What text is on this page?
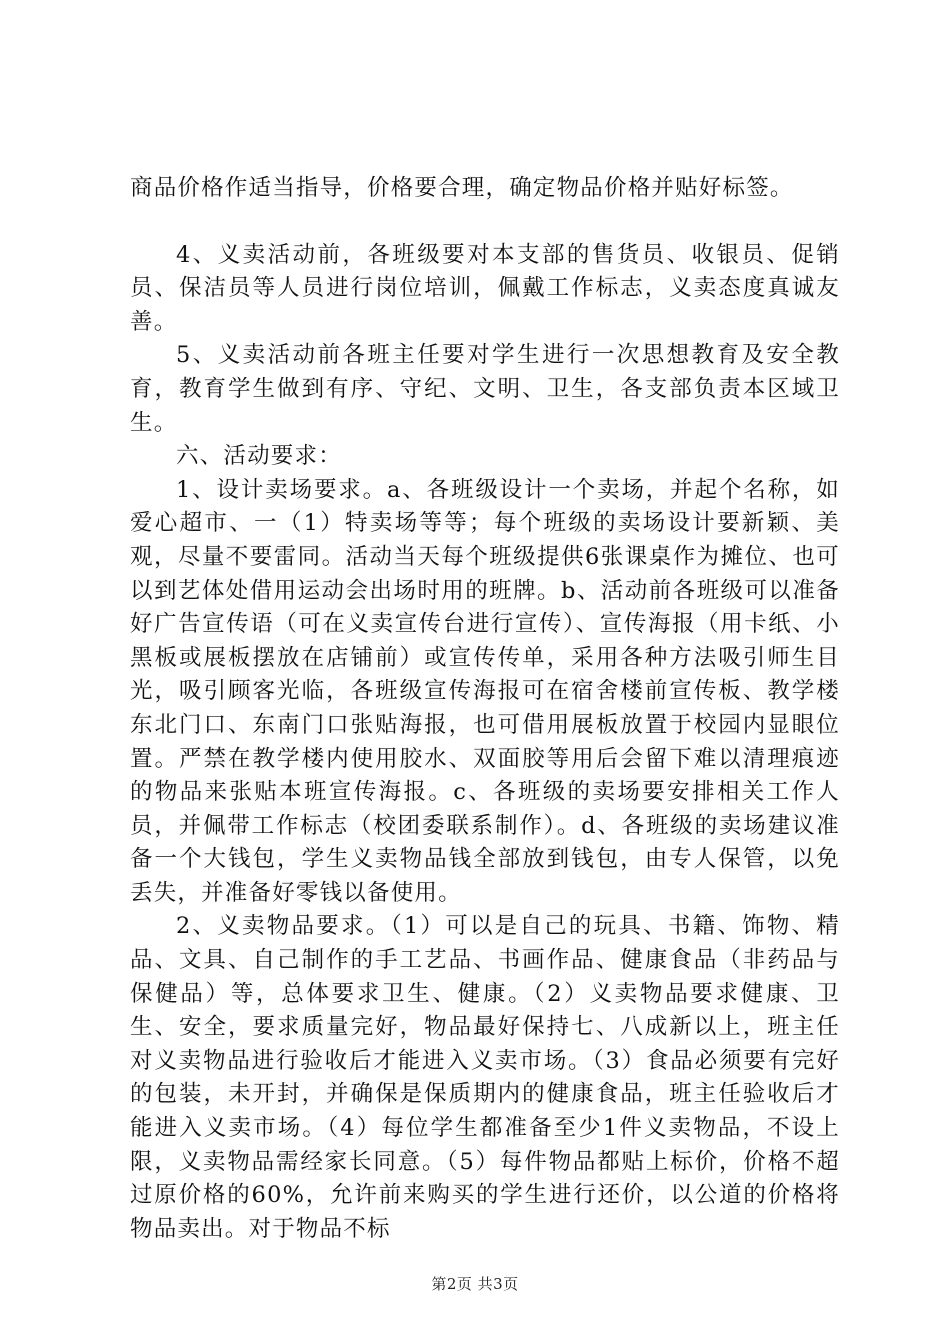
商品价格作适当指导，价格要合理，确定物品价格并贴好标签。

4、义卖活动前，各班级要对本支部的售货员、收银员、促销员、保洁员等人员进行岗位培训，佩戴工作标志，义卖态度真诚友善。

5、义卖活动前各班主任要对学生进行一次思想教育及安全教育，教育学生做到有序、守纪、文明、卫生，各支部负责本区域卫生。

六、活动要求：

1、设计卖场要求。a、各班级设计一个卖场，并起个名称，如爱心超市、一（1）特卖场等等；每个班级的卖场设计要新颖、美观，尽量不要雷同。活动当天每个班级提供6张课桌作为摊位、也可以到艺体处借用运动会出场时用的班牌。b、活动前各班级可以准备好广告宣传语（可在义卖宣传台进行宣传）、宣传海报（用卡纸、小黑板或展板摆放在店铺前）或宣传传单，采用各种方法吸引师生目光，吸引顾客光临，各班级宣传海报可在宿舍楼前宣传板、教学楼东北门口、东南门口张贴海报，也可借用展板放置于校园内显眼位置。严禁在教学楼内使用胶水、双面胶等用后会留下难以清理痕迹的物品来张贴本班宣传海报。c、各班级的卖场要安排相关工作人员，并佩带工作标志（校团委联系制作）。d、各班级的卖场建议准备一个大钱包，学生义卖物品钱全部放到钱包，由专人保管，以免丢失，并准备好零钱以备使用。

2、义卖物品要求。（1）可以是自己的玩具、书籍、饰物、精品、文具、自己制作的手工艺品、书画作品、健康食品（非药品与保健品）等，总体要求卫生、健康。（2）义卖物品要求健康、卫生、安全，要求质量完好，物品最好保持七、八成新以上，班主任对义卖物品进行验收后才能进入义卖市场。（3）食品必须要有完好的包装，未开封，并确保是保质期内的健康食品，班主任验收后才能进入义卖市场。（4）每位学生都准备至少1件义卖物品，不设上限，义卖物品需经家长同意。（5）每件物品都贴上标价，价格不超过原价格的60%，允许前来购买的学生进行还价，以公道的价格将物品卖出。对于物品不标

第2页 共3页
